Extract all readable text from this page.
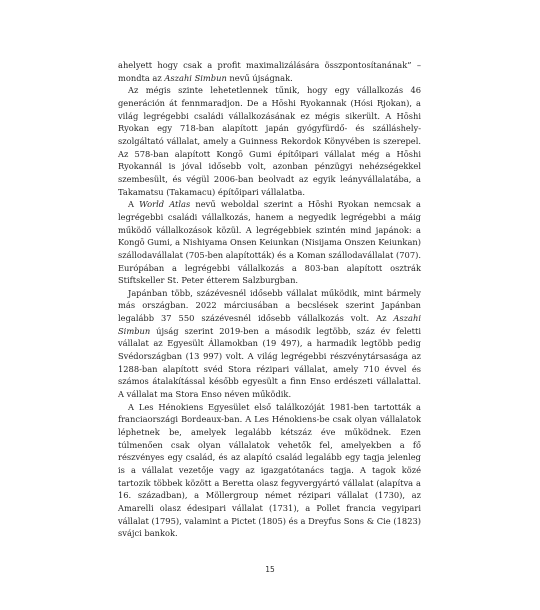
ahelyett hogy csak a profit maximalizálására összpontosítanának” – mondta az Aszahi Simbun nevű újságnak.

Az mégis szinte lehetetlennek tűnik, hogy egy vállalkozás 46 generáción át fennmaradjon. De a Hōshi Ryokannak (Hósi Rjokan), a világ legrégebbi családi vállalkozásának ez mégis sikerült. A Hōshi Ryokan egy 718-ban alapított japán gyógyfürdő- és szálláshely-szolgáltató vállalat, amely a Guinness Rekordok Könyvében is szerepel. Az 578-ban alapított Kongō Gumi építőipari vállalat még a Hōshi Ryokannál is jóval idősebb volt, azonban pénzügyi nehézségekkel szembesült, és végül 2006-ban beolvadt az egyik leányvállalatába, a Takamatsu (Takamacu) építőipari vállalatba.

A World Atlas nevű weboldal szerint a Hōshi Ryokan nemcsak a legrégebbi családi vállalkozás, hanem a negyedik legrégebbi a máig működő vállalkozások közül. A legrégebbiek szintén mind japánok: a Kongō Gumi, a Nishiyama Onsen Keiunkan (Nisijama Onszen Keiunkan) szállodavállalat (705-ben alapították) és a Koman szállodavállalat (707). Európában a legrégebbi vállalkozás a 803-ban alapított osztrák Stiftskeller St. Peter étterem Salzburgban.

Japánban több, százévesnél idősebb vállalat működik, mint bármely más országban. 2022 márciusában a becslések szerint Japánban legalább 37 550 százévesnél idősebb vállalkozás volt. Az Aszahi Simbun újság szerint 2019-ben a második legtöbb, száz év feletti vállalat az Egyesült Államokban (19 497), a harmadik legtöbb pedig Svédországban (13 997) volt. A világ legrégebbi részvénytársasága az 1288-ban alapított svéd Stora rézipari vállalat, amely 710 évvel és számos átalakítással később egyesült a finn Enso erdészeti vállalattal. A vállalat ma Stora Enso néven működik.

A Les Hénokiens Egyesület első találkozóját 1981-ben tartották a franciaországi Bordeaux-ban. A Les Hénokiens-be csak olyan vállalatok léphetnek be, amelyek legalább kétszáz éve működnek. Ezen túlmenően csak olyan vállalatok vehetők fel, amelyekben a fő részvényes egy család, és az alapító család legalább egy tagja jelenleg is a vállalat vezetője vagy az igazgatótanács tagja. A tagok közé tartozik többek között a Beretta olasz fegyvergyártó vállalat (alapítva a 16. században), a Möllergroup német rézipari vállalat (1730), az Amarelli olasz édesipari vállalat (1731), a Pollet francia vegyipari vállalat (1795), valamint a Pictet (1805) és a Dreyfus Sons & Cie (1823) svájci bankok.

15
